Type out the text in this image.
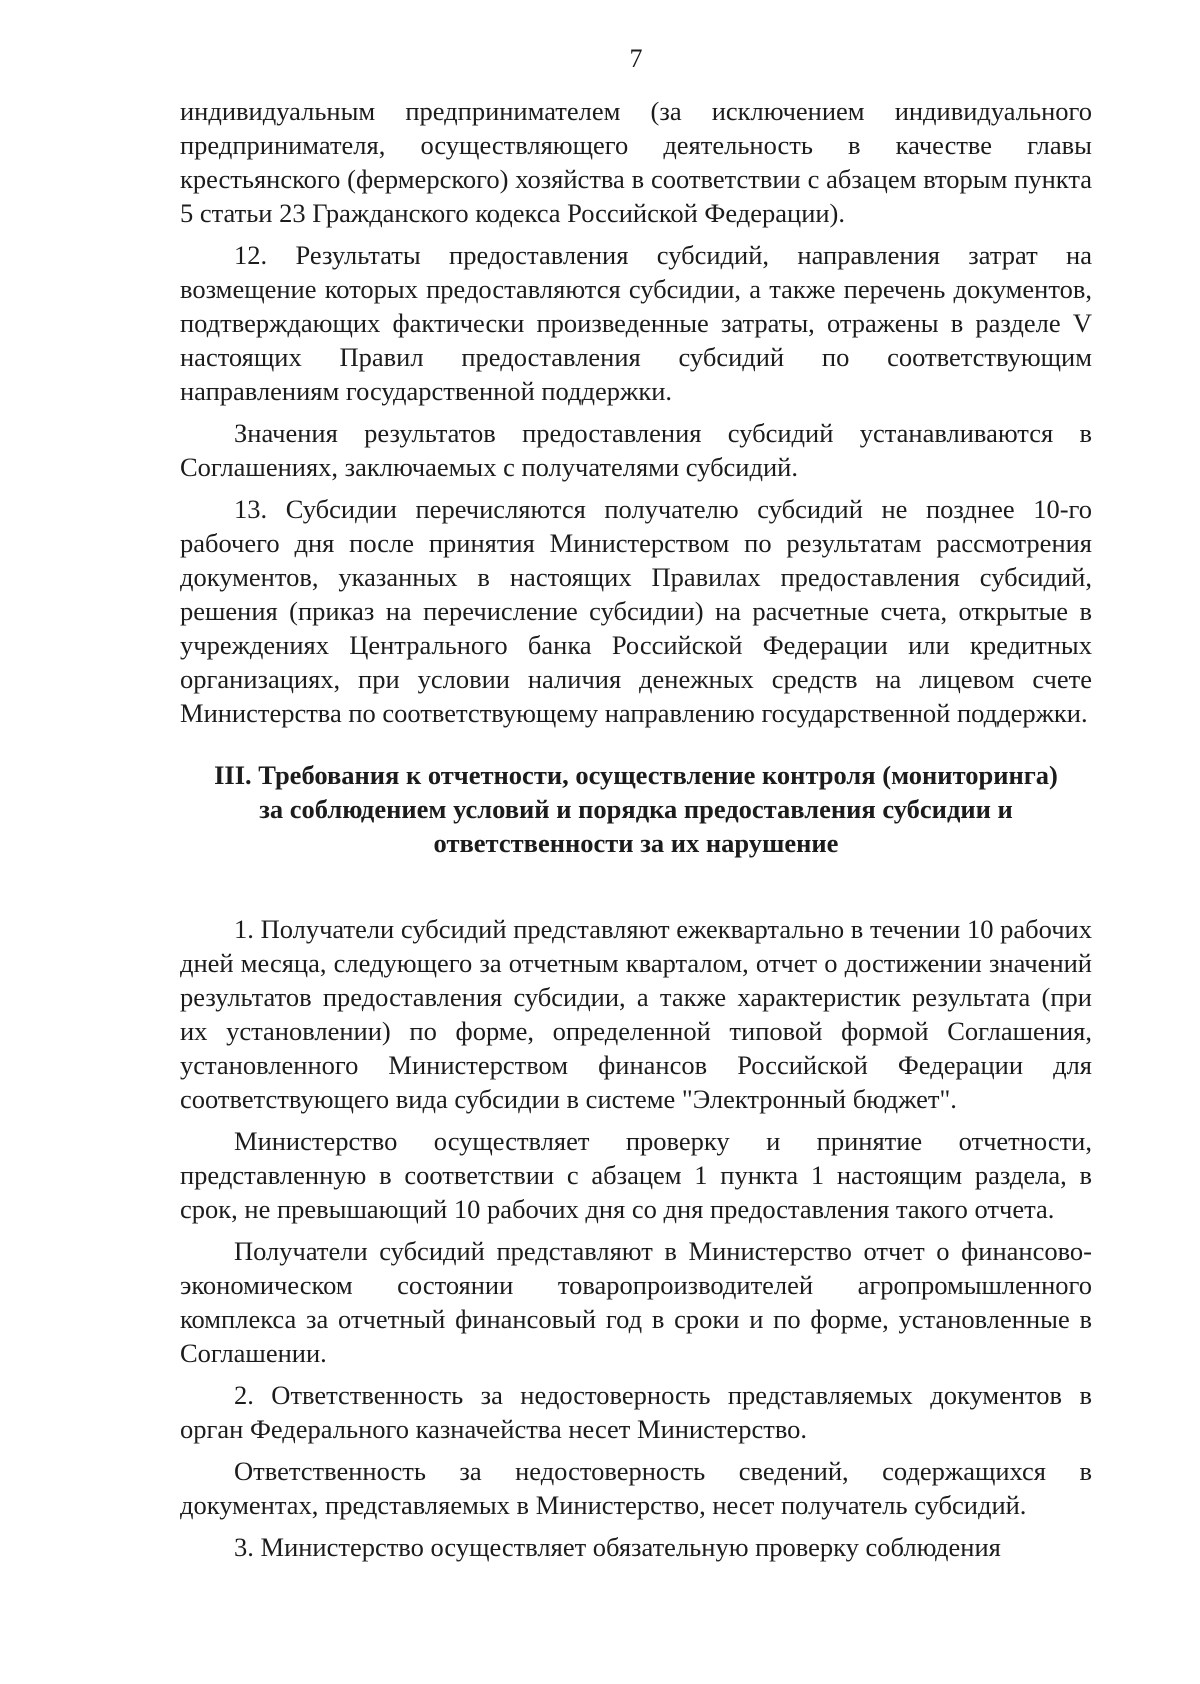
7

индивидуальным предпринимателем (за исключением индивидуального предпринимателя, осуществляющего деятельность в качестве главы крестьянского (фермерского) хозяйства в соответствии с абзацем вторым пункта 5 статьи 23 Гражданского кодекса Российской Федерации).

12. Результаты предоставления субсидий, направления затрат на возмещение которых предоставляются субсидии, а также перечень документов, подтверждающих фактически произведенные затраты, отражены в разделе V настоящих Правил предоставления субсидий по соответствующим направлениям государственной поддержки.

Значения результатов предоставления субсидий устанавливаются в Соглашениях, заключаемых с получателями субсидий.

13. Субсидии перечисляются получателю субсидий не позднее 10-го рабочего дня после принятия Министерством по результатам рассмотрения документов, указанных в настоящих Правилах предоставления субсидий, решения (приказ на перечисление субсидии) на расчетные счета, открытые в учреждениях Центрального банка Российской Федерации или кредитных организациях, при условии наличия денежных средств на лицевом счете Министерства по соответствующему направлению государственной поддержки.

III. Требования к отчетности, осуществление контроля (мониторинга)
за соблюдением условий и порядка предоставления субсидии и
ответственности за их нарушение

1. Получатели субсидий представляют ежеквартально в течении 10 рабочих дней месяца, следующего за отчетным кварталом, отчет о достижении значений результатов предоставления субсидии, а также характеристик результата (при их установлении) по форме, определенной типовой формой Соглашения, установленного Министерством финансов Российской Федерации для соответствующего вида субсидии в системе "Электронный бюджет".

Министерство осуществляет проверку и принятие отчетности, представленную в соответствии с абзацем 1 пункта 1 настоящим раздела, в срок, не превышающий 10 рабочих дня со дня предоставления такого отчета.

Получатели субсидий представляют в Министерство отчет о финансово-экономическом состоянии товаропроизводителей агропромышленного комплекса за отчетный финансовый год в сроки и по форме, установленные в Соглашении.

2. Ответственность за недостоверность представляемых документов в орган Федерального казначейства несет Министерство.

Ответственность за недостоверность сведений, содержащихся в документах, представляемых в Министерство, несет получатель субсидий.

3. Министерство осуществляет обязательную проверку соблюдения
